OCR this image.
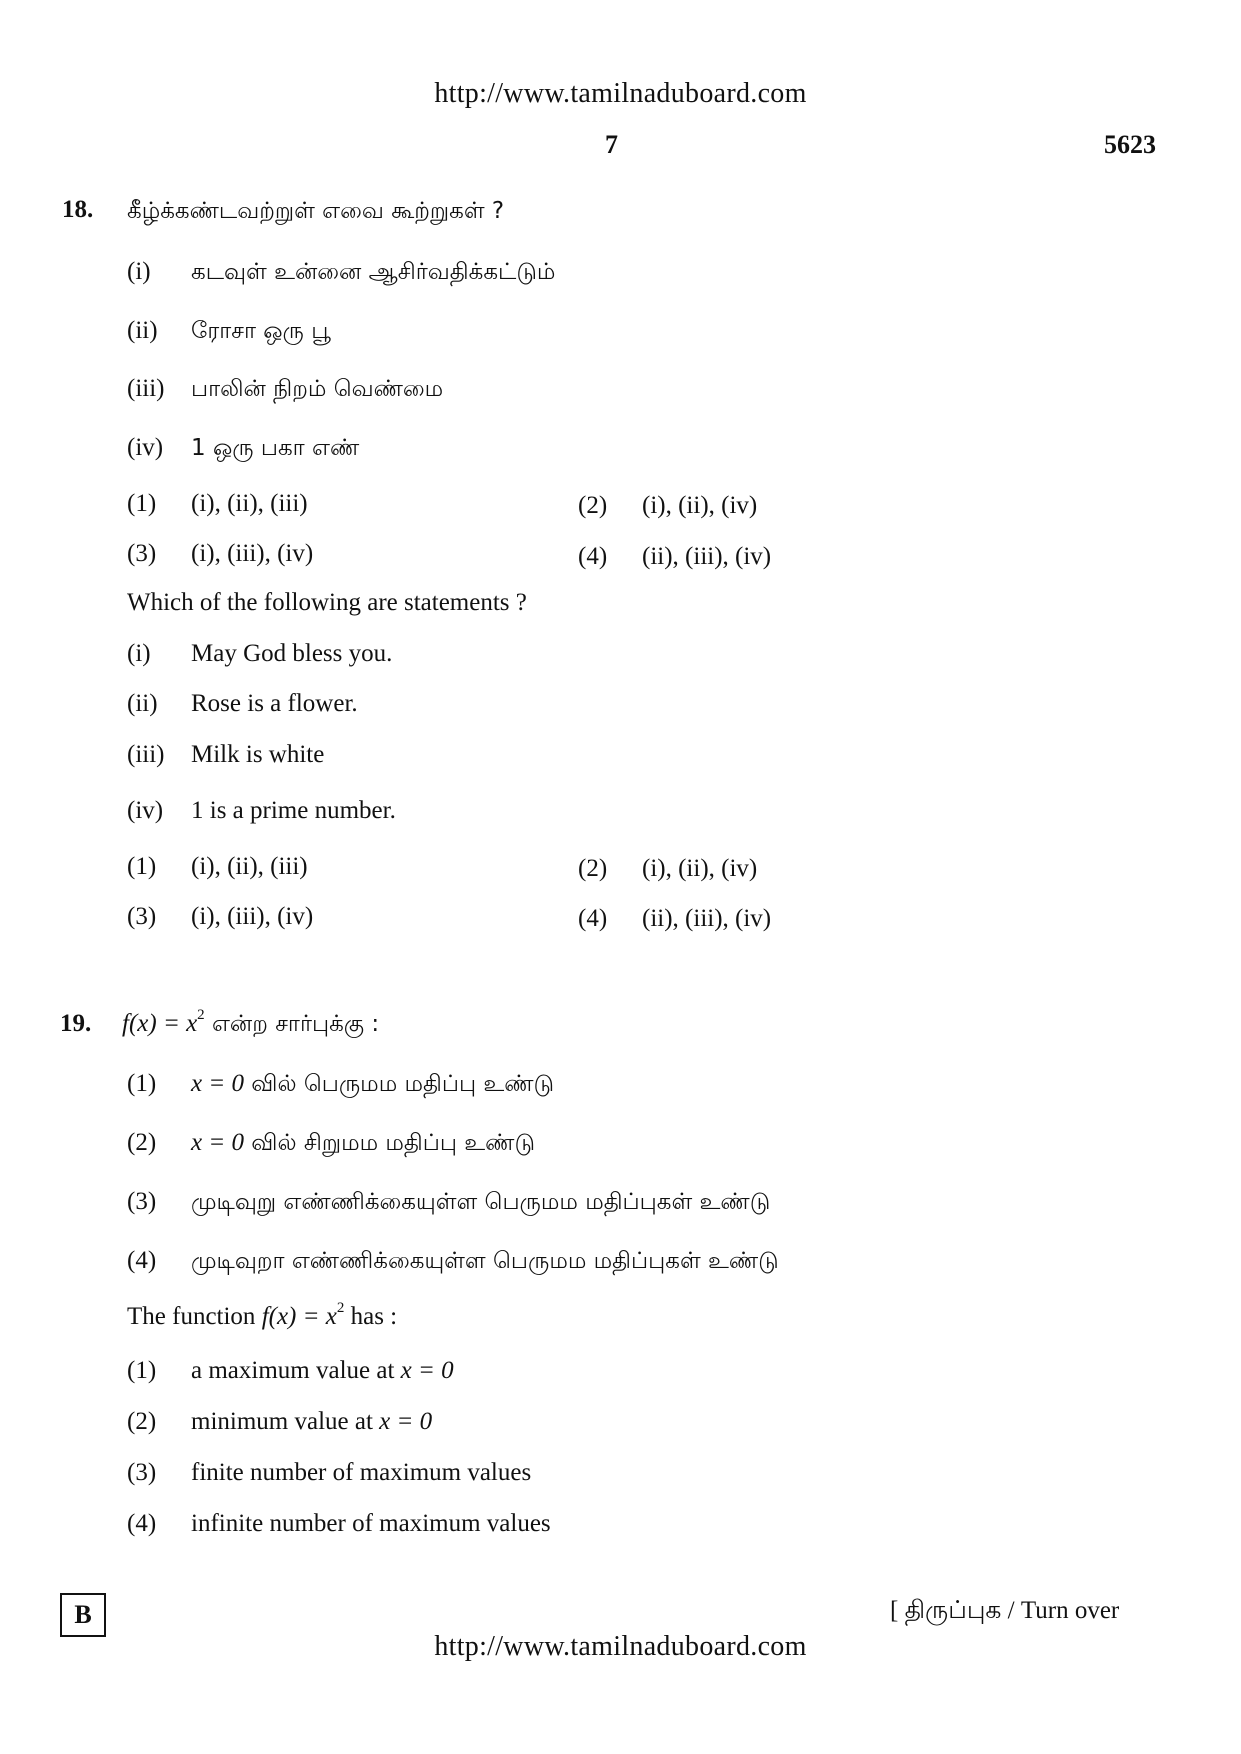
http://www.tamilnaduboard.com
7	5623
18. கீழ்க்கண்டவற்றுள் எவை கூற்றுகள் ?
(i) கடவுள் உன்னை ஆசிர்வதிக்கட்டும்
(ii) ரோசா ஒரு பூ
(iii) பாலின் நிறம் வெண்மை
(iv) 1 ஒரு பகா எண்
(1) (i), (ii), (iii)	(2) (i), (ii), (iv)
(3) (i), (iii), (iv)	(4) (ii), (iii), (iv)
Which of the following are statements ?
(i) May God bless you.
(ii) Rose is a flower.
(iii) Milk is white
(iv) 1 is a prime number.
(1) (i), (ii), (iii)	(2) (i), (ii), (iv)
(3) (i), (iii), (iv)	(4) (ii), (iii), (iv)
19. $f(x) = x^2$ என்ற சார்புக்கு :
(1) x = 0 வில் பெருமம மதிப்பு உண்டு
(2) x = 0 வில் சிறுமம மதிப்பு உண்டு
(3) முடிவுறு எண்ணிக்கையுள்ள பெருமம மதிப்புகள் உண்டு
(4) முடிவுறா எண்ணிக்கையுள்ள பெருமம மதிப்புகள் உண்டு
The function $f(x) = x^2$ has :
(1) a maximum value at x = 0
(2) minimum value at x = 0
(3) finite number of maximum values
(4) infinite number of maximum values
B	[ திருப்புக / Turn over
http://www.tamilnaduboard.com
